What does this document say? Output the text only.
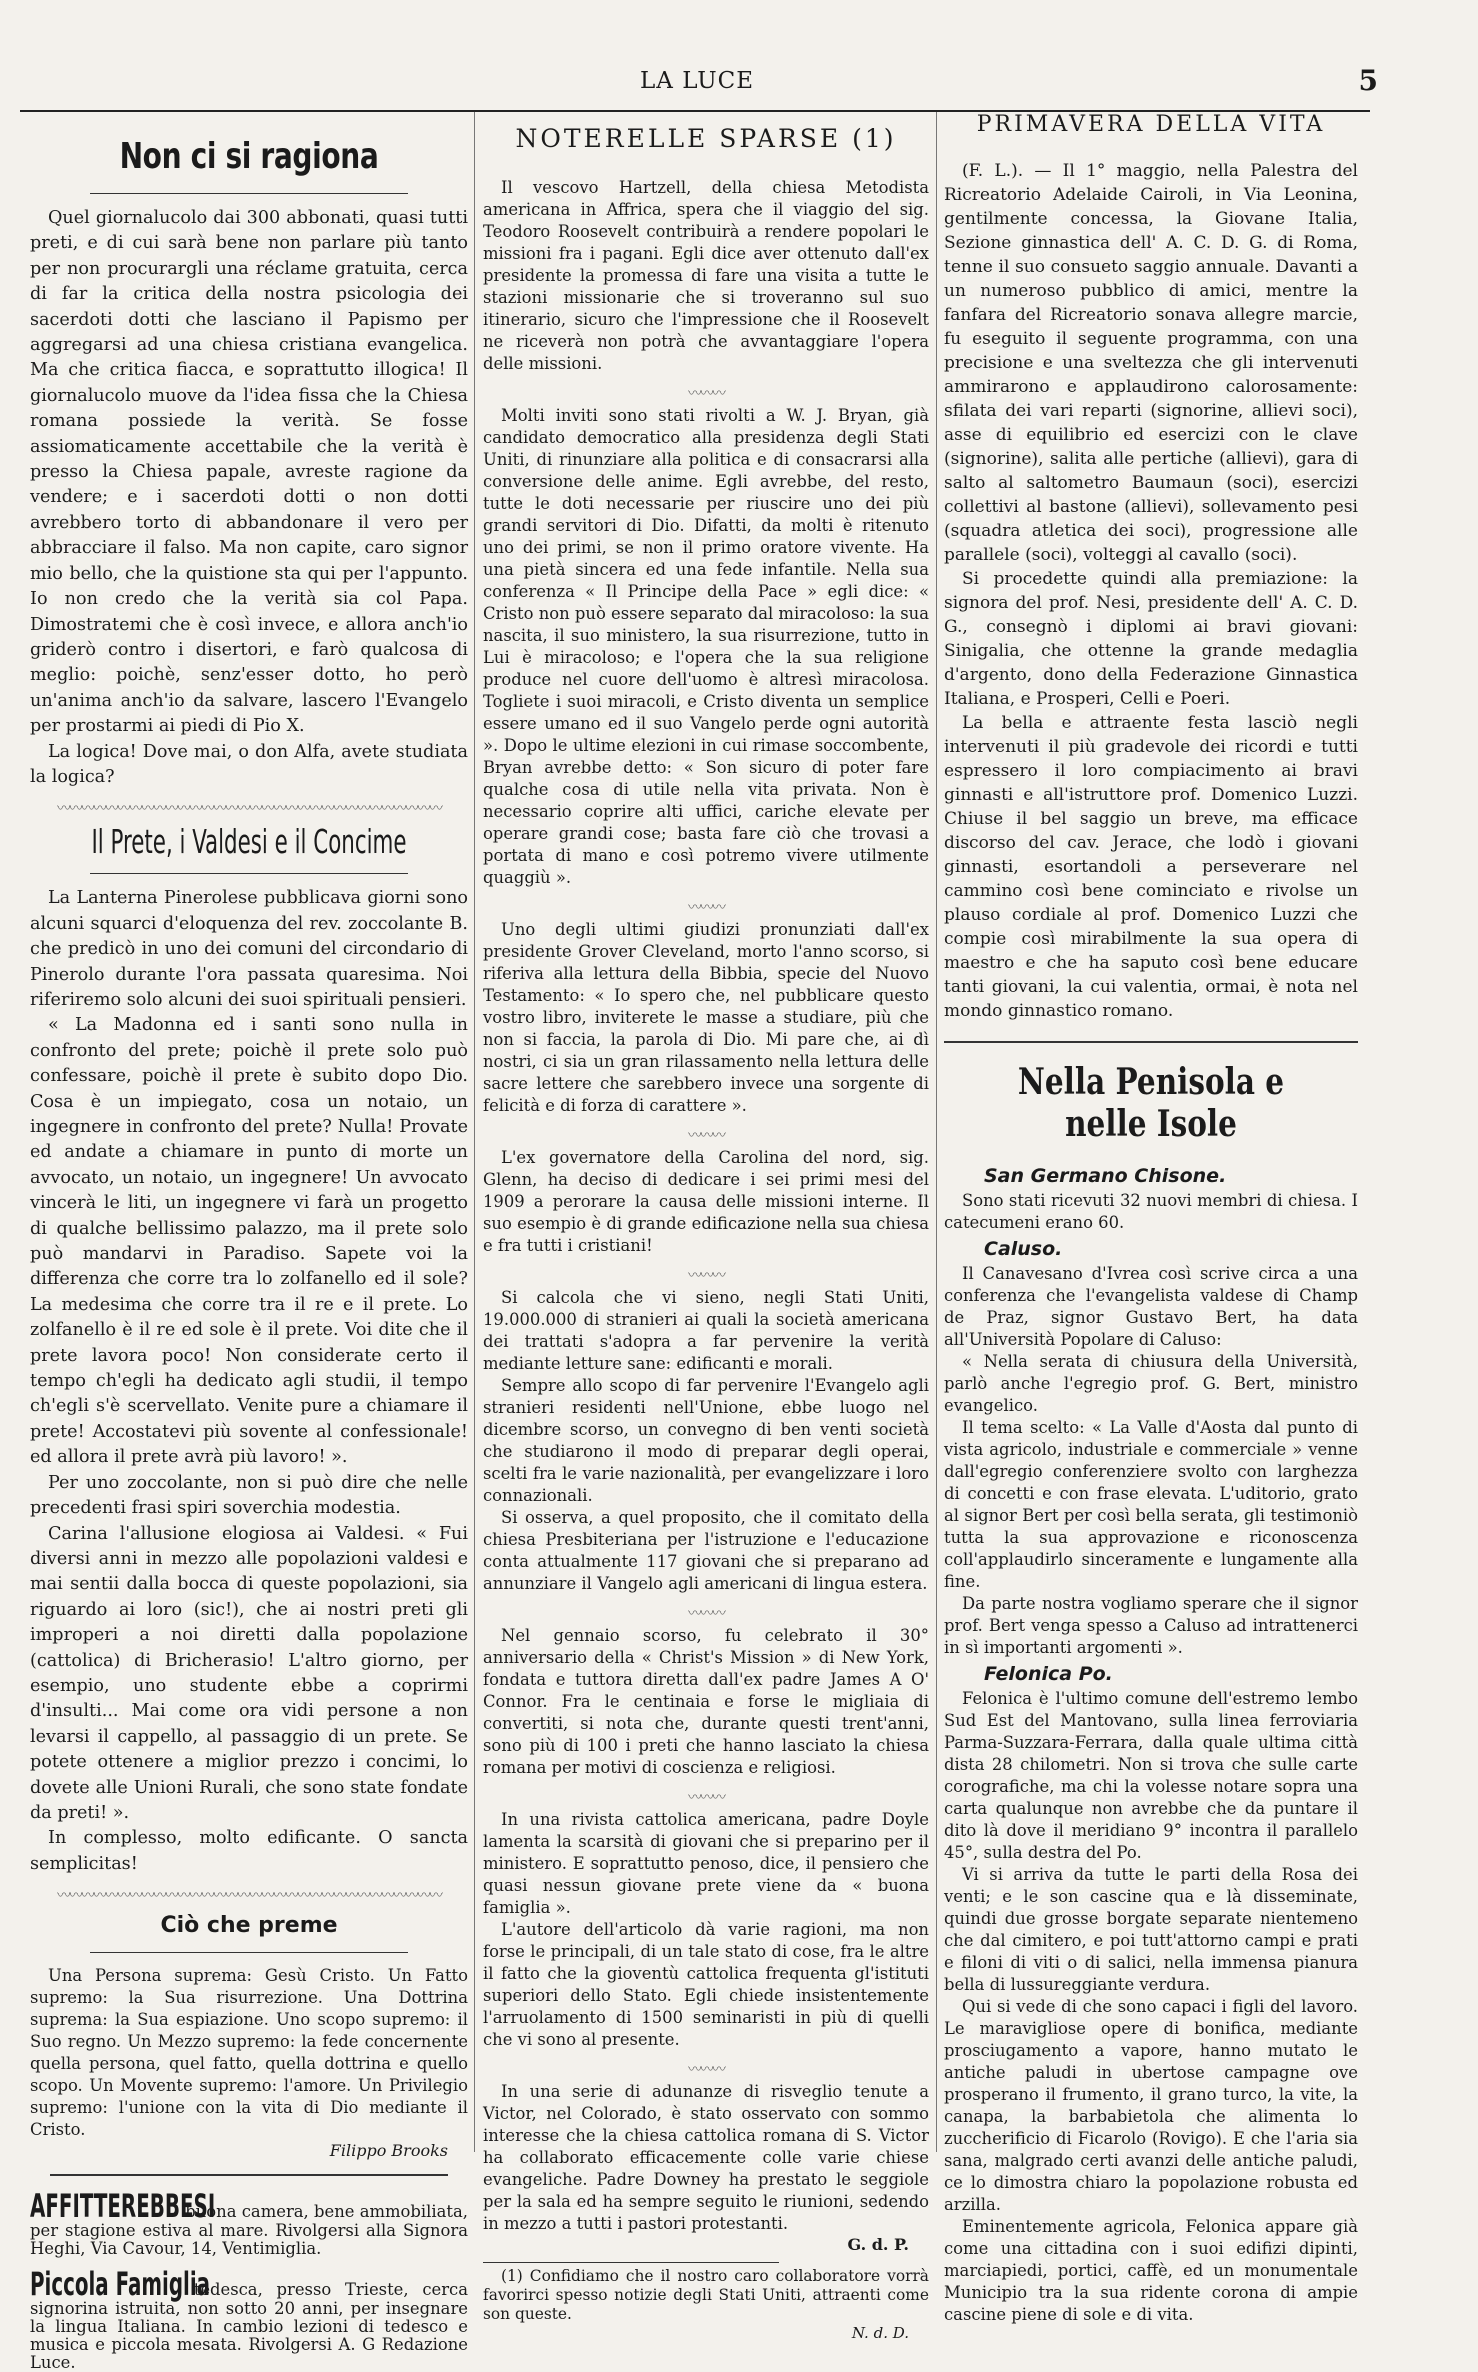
LA LUCE	5
Non ci si ragiona

Quel giornalucolo dai 300 abbonati, quasi tutti preti, e di cui sarà bene non parlare più tanto per non procurargli una réclame gratuita, cerca di far la critica della nostra psicologia dei sacerdoti dotti che lasciano il Papismo per aggregarsi ad una chiesa cristiana evangelica. Ma che critica fiacca, e soprattutto illogica! Il giornalucolo muove da l'idea fissa che la Chiesa romana possiede la verità. Se fosse assiomaticamente accettabile che la verità è presso la Chiesa papale, avreste ragione da vendere; e i sacerdoti dotti o non dotti avrebbero torto di abbandonare il vero per abbracciare il falso. Ma non capite, caro signor mio bello, che la quistione sta qui per l'appunto. Io non credo che la verità sia col Papa. Dimostratemi che è così invece, e allora anch'io griderò contro i disertori, e farò qualcosa di meglio: poichè, senz'esser dotto, ho però un'anima anch'io da salvare, lascero l'Evangelo per prostarmi ai piedi di Pio X.

La logica! Dove mai, o don Alfa, avete studiata la logica?

〰〰〰〰〰〰〰〰〰〰〰〰〰〰〰〰〰〰〰〰〰〰〰〰〰〰〰〰〰〰〰〰
Il Prete, i Valdesi e il Concime

La Lanterna Pinerolese pubblicava giorni sono alcuni squarci d'eloquenza del rev. zoccolante B. che predicò in uno dei comuni del circondario di Pinerolo durante l'ora passata quaresima. Noi riferiremo solo alcuni dei suoi spirituali pensieri.

« La Madonna ed i santi sono nulla in confronto del prete; poichè il prete solo può confessare, poichè il prete è subito dopo Dio. Cosa è un impiegato, cosa un notaio, un ingegnere in confronto del prete? Nulla! Provate ed andate a chiamare in punto di morte un avvocato, un notaio, un ingegnere! Un avvocato vincerà le liti, un ingegnere vi farà un progetto di qualche bellissimo palazzo, ma il prete solo può mandarvi in Paradiso. Sapete voi la differenza che corre tra lo zolfanello ed il sole? La medesima che corre tra il re e il prete. Lo zolfanello è il re ed sole è il prete. Voi dite che il prete lavora poco! Non considerate certo il tempo ch'egli ha dedicato agli studii, il tempo ch'egli s'è scervellato. Venite pure a chiamare il prete! Accostatevi più sovente al confessionale! ed allora il prete avrà più lavoro! ».

Per uno zoccolante, non si può dire che nelle precedenti frasi spiri soverchia modestia.

Carina l'allusione elogiosa ai Valdesi. « Fui diversi anni in mezzo alle popolazioni valdesi e mai sentii dalla bocca di queste popolazioni, sia riguardo ai loro (sic!), che ai nostri preti gli improperi a noi diretti dalla popolazione (cattolica) di Bricherasio! L'altro giorno, per esempio, uno studente ebbe a coprirmi d'insulti... Mai come ora vidi persone a non levarsi il cappello, al passaggio di un prete. Se potete ottenere a miglior prezzo i concimi, lo dovete alle Unioni Rurali, che sono state fondate da preti! ».

In complesso, molto edificante. O sancta semplicitas!

〰〰〰〰〰〰〰〰〰〰〰〰〰〰〰〰〰〰〰〰〰〰〰〰〰〰〰〰〰〰〰〰
Ciò che preme

Una Persona suprema: Gesù Cristo. Un Fatto supremo: la Sua risurrezione. Una Dottrina suprema: la Sua espiazione. Uno scopo supremo: il Suo regno. Un Mezzo supremo: la fede concernente quella persona, quel fatto, quella dottrina e quello scopo. Un Movente supremo: l'amore. Un Privilegio supremo: l'unione con la vita di Dio mediante il Cristo.

Filippo Brooks
AFFITTEREBBESI buona camera, bene ammobiliata, per stagione estiva al mare. Rivolgersi alla Signora Heghi, Via Cavour, 14, Ventimiglia.
Piccola Famiglia tedesca, presso Trieste, cerca signorina istruita, non sotto 20 anni, per insegnare la lingua Italiana. In cambio lezioni di tedesco e musica e piccola mesata. Rivolgersi A. G Redazione Luce.
NOTERELLE SPARSE (1)

Il vescovo Hartzell, della chiesa Metodista americana in Affrica, spera che il viaggio del sig. Teodoro Roosevelt contribuirà a rendere popolari le missioni fra i pagani. Egli dice aver ottenuto dall'ex presidente la promessa di fare una visita a tutte le stazioni missionarie che si troveranno sul suo itinerario, sicuro che l'impressione che il Roosevelt ne riceverà non potrà che avvantaggiare l'opera delle missioni.

〰〰〰

Molti inviti sono stati rivolti a W. J. Bryan, già candidato democratico alla presidenza degli Stati Uniti, di rinunziare alla politica e di consacrarsi alla conversione delle anime. Egli avrebbe, del resto, tutte le doti necessarie per riuscire uno dei più grandi servitori di Dio. Difatti, da molti è ritenuto uno dei primi, se non il primo oratore vivente. Ha una pietà sincera ed una fede infantile. Nella sua conferenza « Il Principe della Pace » egli dice: « Cristo non può essere separato dal miracoloso: la sua nascita, il suo ministero, la sua risurrezione, tutto in Lui è miracoloso; e l'opera che la sua religione produce nel cuore dell'uomo è altresì miracolosa. Togliete i suoi miracoli, e Cristo diventa un semplice essere umano ed il suo Vangelo perde ogni autorità ». Dopo le ultime elezioni in cui rimase soccombente, Bryan avrebbe detto: « Son sicuro di poter fare qualche cosa di utile nella vita privata. Non è necessario coprire alti uffici, cariche elevate per operare grandi cose; basta fare ciò che trovasi a portata di mano e così potremo vivere utilmente quaggiù ».

〰〰〰

Uno degli ultimi giudizi pronunziati dall'ex presidente Grover Cleveland, morto l'anno scorso, si riferiva alla lettura della Bibbia, specie del Nuovo Testamento: « Io spero che, nel pubblicare questo vostro libro, inviterete le masse a studiare, più che non si faccia, la parola di Dio. Mi pare che, ai dì nostri, ci sia un gran rilassamento nella lettura delle sacre lettere che sarebbero invece una sorgente di felicità e di forza di carattere ».

〰〰〰

L'ex governatore della Carolina del nord, sig. Glenn, ha deciso di dedicare i sei primi mesi del 1909 a perorare la causa delle missioni interne. Il suo esempio è di grande edificazione nella sua chiesa e fra tutti i cristiani!

〰〰〰

Si calcola che vi sieno, negli Stati Uniti, 19.000.000 di stranieri ai quali la società americana dei trattati s'adopra a far pervenire la verità mediante letture sane: edificanti e morali.

Sempre allo scopo di far pervenire l'Evangelo agli stranieri residenti nell'Unione, ebbe luogo nel dicembre scorso, un convegno di ben venti società che studiarono il modo di preparar degli operai, scelti fra le varie nazionalità, per evangelizzare i loro connazionali.

Si osserva, a quel proposito, che il comitato della chiesa Presbiteriana per l'istruzione e l'educazione conta attualmente 117 giovani che si preparano ad annunziare il Vangelo agli americani di lingua estera.

〰〰〰

Nel gennaio scorso, fu celebrato il 30° anniversario della « Christ's Mission » di New York, fondata e tuttora diretta dall'ex padre James A O' Connor. Fra le centinaia e forse le migliaia di convertiti, si nota che, durante questi trent'anni, sono più di 100 i preti che hanno lasciato la chiesa romana per motivi di coscienza e religiosi.

〰〰〰

In una rivista cattolica americana, padre Doyle lamenta la scarsità di giovani che si preparino per il ministero. E soprattutto penoso, dice, il pensiero che quasi nessun giovane prete viene da « buona famiglia ».

L'autore dell'articolo dà varie ragioni, ma non forse le principali, di un tale stato di cose, fra le altre il fatto che la gioventù cattolica frequenta gl'istituti superiori dello Stato. Egli chiede insistentemente l'arruolamento di 1500 seminaristi in più di quelli che vi sono al presente.

〰〰〰

In una serie di adunanze di risveglio tenute a Victor, nel Colorado, è stato osservato con sommo interesse che la chiesa cattolica romana di S. Victor ha collaborato efficacemente colle varie chiese evangeliche. Padre Downey ha prestato le seggiole per la sala ed ha sempre seguito le riunioni, sedendo in mezzo a tutti i pastori protestanti.

G. d. P.

(1) Confidiamo che il nostro caro collaboratore vorrà favorirci spesso notizie degli Stati Uniti, attraenti come son queste.

N. d. D.
PRIMAVERA DELLA VITA

(F. L.). — Il 1° maggio, nella Palestra del Ricreatorio Adelaide Cairoli, in Via Leonina, gentilmente concessa, la Giovane Italia, Sezione ginnastica dell' A. C. D. G. di Roma, tenne il suo consueto saggio annuale. Davanti a un numeroso pubblico di amici, mentre la fanfara del Ricreatorio sonava allegre marcie, fu eseguito il seguente programma, con una precisione e una sveltezza che gli intervenuti ammirarono e applaudirono calorosamente: sfilata dei vari reparti (signorine, allievi soci), asse di equilibrio ed esercizi con le clave (signorine), salita alle pertiche (allievi), gara di salto al saltometro Baumaun (soci), esercizi collettivi al bastone (allievi), sollevamento pesi (squadra atletica dei soci), progressione alle parallele (soci), volteggi al cavallo (soci).

Si procedette quindi alla premiazione: la signora del prof. Nesi, presidente dell' A. C. D. G., consegnò i diplomi ai bravi giovani: Sinigalia, che ottenne la grande medaglia d'argento, dono della Federazione Ginnastica Italiana, e Prosperi, Celli e Poeri.

La bella e attraente festa lasciò negli intervenuti il più gradevole dei ricordi e tutti espressero il loro compiacimento ai bravi ginnasti e all'istruttore prof. Domenico Luzzi. Chiuse il bel saggio un breve, ma efficace discorso del cav. Jerace, che lodò i giovani ginnasti, esortandoli a perseverare nel cammino così bene cominciato e rivolse un plauso cordiale al prof. Domenico Luzzi che compie così mirabilmente la sua opera di maestro e che ha saputo così bene educare tanti giovani, la cui valentia, ormai, è nota nel mondo ginnastico romano.

Nella Penisola e nelle Isole
San Germano Chisone.

Sono stati ricevuti 32 nuovi membri di chiesa. I catecumeni erano 60.

Caluso.

Il Canavesano d'Ivrea così scrive circa a una conferenza che l'evangelista valdese di Champ de Praz, signor Gustavo Bert, ha data all'Università Popolare di Caluso:

« Nella serata di chiusura della Università, parlò anche l'egregio prof. G. Bert, ministro evangelico.

Il tema scelto: « La Valle d'Aosta dal punto di vista agricolo, industriale e commerciale » venne dall'egregio conferenziere svolto con larghezza di concetti e con frase elevata. L'uditorio, grato al signor Bert per così bella serata, gli testimoniò tutta la sua approvazione e riconoscenza coll'applaudirlo sinceramente e lungamente alla fine.

Da parte nostra vogliamo sperare che il signor prof. Bert venga spesso a Caluso ad intrattenerci in sì importanti argomenti ».

Felonica Po.

Felonica è l'ultimo comune dell'estremo lembo Sud Est del Mantovano, sulla linea ferroviaria Parma-Suzzara-Ferrara, dalla quale ultima città dista 28 chilometri. Non si trova che sulle carte corografiche, ma chi la volesse notare sopra una carta qualunque non avrebbe che da puntare il dito là dove il meridiano 9° incontra il parallelo 45°, sulla destra del Po.

Vi si arriva da tutte le parti della Rosa dei venti; e le son cascine qua e là disseminate, quindi due grosse borgate separate nientemeno che dal cimitero, e poi tutt'attorno campi e prati e filoni di viti o di salici, nella immensa pianura bella di lussureggiante verdura.

Qui si vede di che sono capaci i figli del lavoro. Le maravigliose opere di bonifica, mediante prosciugamento a vapore, hanno mutato le antiche paludi in ubertose campagne ove prosperano il frumento, il grano turco, la vite, la canapa, la barbabietola che alimenta lo zuccherificio di Ficarolo (Rovigo). E che l'aria sia sana, malgrado certi avanzi delle antiche paludi, ce lo dimostra chiaro la popolazione robusta ed arzilla.

Eminentemente agricola, Felonica appare già come una cittadina con i suoi edifizi dipinti, marciapiedi, portici, caffè, ed un monumentale Municipio tra la sua ridente corona di ampie cascine piene di sole e di vita.
